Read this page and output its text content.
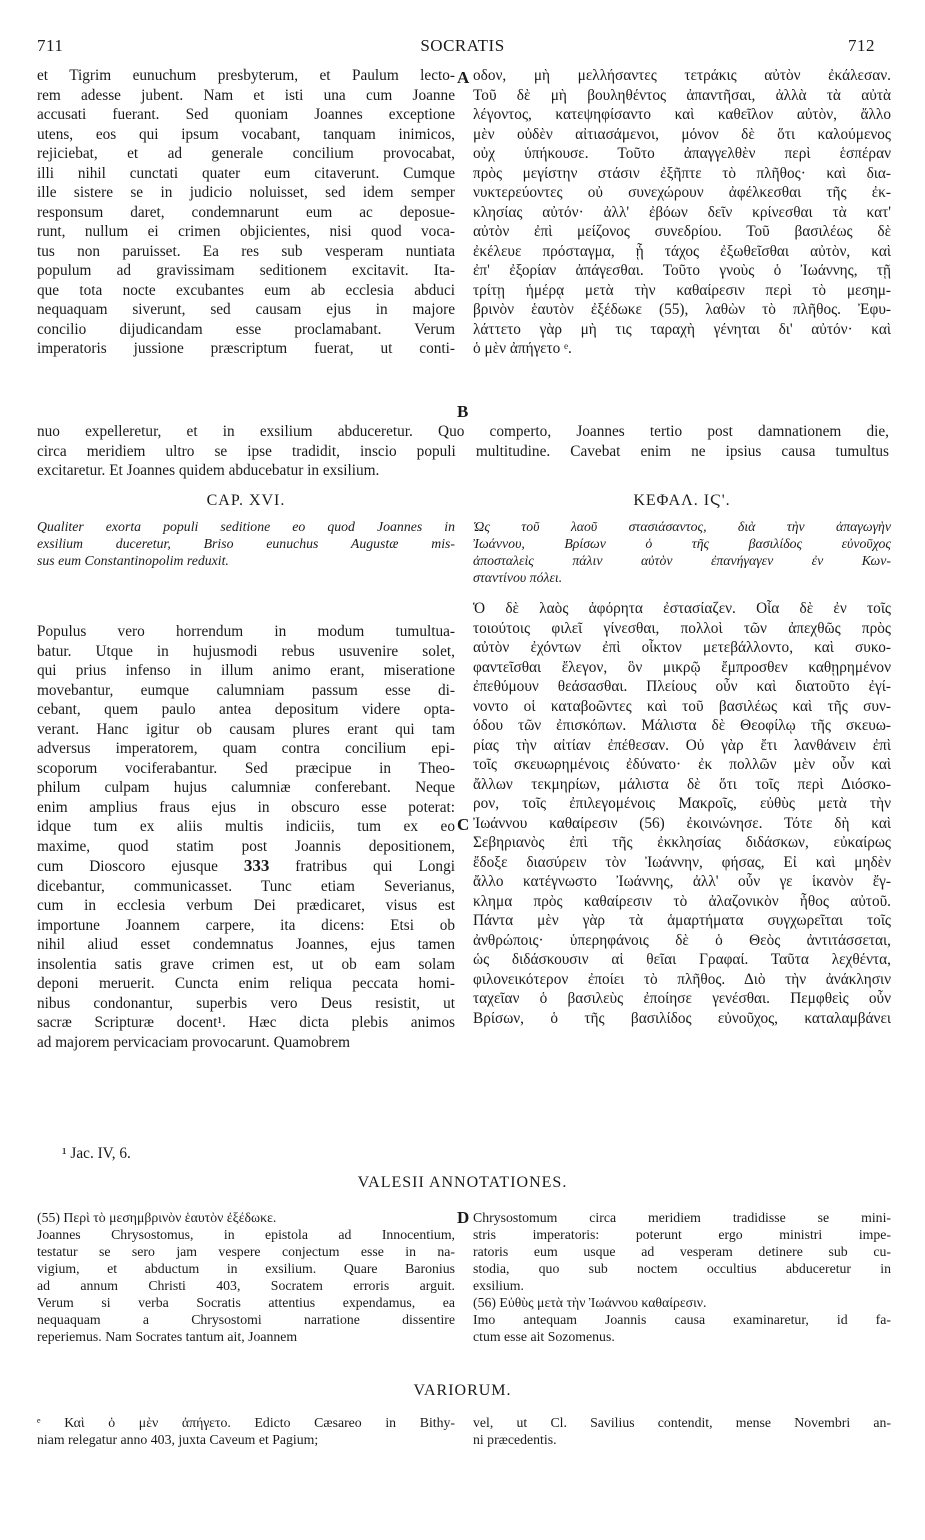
711	SOCRATIS	712
A
B
C
D
et Tigrim eunuchum presbyterum, et Paulum lecto-
rem adesse jubent. Nam et isti una cum Joanne
accusati fuerant. Sed quoniam Joannes exceptione
utens, eos qui ipsum vocabant, tanquam inimicos,
rejiciebat, et ad generale concilium provocabat,
illi nihil cunctati quater eum citaverunt. Cumque
ille sistere se in judicio noluisset, sed idem semper
responsum daret, condemnarunt eum ac deposue-
runt, nullum ei crimen objicientes, nisi quod voca-
tus non paruisset. Ea res sub vesperam nuntiata
populum ad gravissimam seditionem excitavit. Ita-
que tota nocte excubantes eum ab ecclesia abduci
nequaquam siverunt, sed causam ejus in majore
concilio dijudicandam esse proclamabant. Verum
imperatoris jussione præscriptum fuerat, ut conti-
οδον, μὴ μελλήσαντες τετράκις αὐτὸν ἐκάλεσαν.
Τοῦ δὲ μὴ βουληθέντος ἀπαντῆσαι, ἀλλὰ τὰ αὐτὰ
λέγοντος, κατεψηφίσαντο καὶ καθεῖλον αὐτὸν, ἄλλο
μὲν οὐδὲν αἰτιασάμενοι, μόνον δὲ ὅτι καλούμενος
οὐχ ὑπήκουσε. Τοῦτο ἀπαγγελθὲν περὶ ἑσπέραν
πρὸς μεγίστην στάσιν ἐξῆπτε τὸ πλῆθος· καὶ δια-
νυκτερεύοντες οὐ συνεχώρουν ἀφέλκεσθαι τῆς ἐκ-
κλησίας αὐτόν· ἀλλ' ἐβόων δεῖν κρίνεσθαι τὰ κατ'
αὐτὸν ἐπὶ μείζονος συνεδρίου. Τοῦ βασιλέως δὲ
ἐκέλευε πρόσταγμα, ᾗ τάχος ἐξωθεῖσθαι αὐτὸν, καὶ
ἐπ' ἐξορίαν ἀπάγεσθαι. Τοῦτο γνοὺς ὁ Ἰωάννης, τῇ
τρίτῃ ἡμέρᾳ μετὰ τὴν καθαίρεσιν περὶ τὸ μεσημ-
βρινὸν ἑαυτὸν ἐξέδωκε (55), λαθὼν τὸ πλῆθος. Ἐφυ-
λάττετο γὰρ μὴ τις ταραχὴ γένηται δι' αὐτόν· καὶ
ὁ μὲν ἀπήγετο ᵉ.
nuo expelleretur, et in exsilium abduceretur. Quo comperto, Joannes tertio post damnationem die,
circa meridiem ultro se ipse tradidit, inscio populi multitudine. Cavebat enim ne ipsius causa tumultus
excitaretur. Et Joannes quidem abducebatur in exsilium.
CAP. XVI.	ΚΕΦΑΛ. ΙϚ'.
Qualiter exorta populi seditione eo quod Joannes in
exsilium duceretur, Briso eunuchus Augustæ mis-
sus eum Constantinopolim reduxit.
Ὡς τοῦ λαοῦ στασιάσαντος, διὰ τὴν ἀπαγωγὴν
Ἰωάννου, Βρίσων ὁ τῆς βασιλίδος εὐνοῦχος
ἀποσταλεὶς πάλιν αὐτὸν ἐπανήγαγεν ἐν Κων-
σταντίνου πόλει.
Populus vero horrendum in modum tumultua-
batur. Utque in hujusmodi rebus usuvenire solet,
qui prius infenso in illum animo erant, miseratione
movebantur, eumque calumniam passum esse di-
cebant, quem paulo antea depositum videre opta-
verant. Hanc igitur ob causam plures erant qui tam
adversus imperatorem, quam contra concilium epi-
scoporum vociferabantur. Sed præcipue in Theo-
philum culpam hujus calumniæ conferebant. Neque
enim amplius fraus ejus in obscuro esse poterat:
idque tum ex aliis multis indiciis, tum ex eo
maxime, quod statim post Joannis depositionem,
cum Dioscoro ejusque 333 fratribus qui Longi
dicebantur, communicasset. Tunc etiam Severianus,
cum in ecclesia verbum Dei prædicaret, visus est
importune Joannem carpere, ita dicens: Etsi ob
nihil aliud esset condemnatus Joannes, ejus tamen
insolentia satis grave crimen est, ut ob eam solam
deponi meruerit. Cuncta enim reliqua peccata homi-
nibus condonantur, superbis vero Deus resistit, ut
sacræ Scripturæ docent¹. Hæc dicta plebis animos
ad majorem pervicaciam provocarunt. Quamobrem
Ὁ δὲ λαὸς ἀφόρητα ἐστασίαζεν. Οἷα δὲ ἐν τοῖς
τοιούτοις φιλεῖ γίνεσθαι, πολλοὶ τῶν ἀπεχθῶς πρὸς
αὐτὸν ἐχόντων ἐπὶ οἶκτον μετεβάλλοντο, καὶ συκο-
φαντεῖσθαι ἔλεγον, ὃν μικρῷ ἔμπροσθεν καθῃρημένον
ἐπεθύμουν θεάσασθαι. Πλείους οὖν καὶ διατοῦτο ἐγί-
νοντο οἱ καταβοῶντες καὶ τοῦ βασιλέως καὶ τῆς συν-
όδου τῶν ἐπισκόπων. Μάλιστα δὲ Θεοφίλῳ τῆς σκευω-
ρίας τὴν αἰτίαν ἐπέθεσαν. Οὐ γὰρ ἔτι λανθάνειν ἐπὶ
τοῖς σκευωρημένοις ἐδύνατο· ἐκ πολλῶν μὲν οὖν καὶ
ἄλλων τεκμηρίων, μάλιστα δὲ ὅτι τοῖς περὶ Διόσκο-
ρον, τοῖς ἐπιλεγομένοις Μακροῖς, εὐθὺς μετὰ τὴν
Ἰωάννου καθαίρεσιν (56) ἐκοινώνησε. Τότε δὴ καὶ
Σεβηριανὸς ἐπὶ τῆς ἐκκλησίας διδάσκων, εὐκαίρως
ἔδοξε διασύρειν τὸν Ἰωάννην, φήσας, Εἰ καὶ μηδὲν
ἄλλο κατέγνωστο Ἰωάννης, ἀλλ' οὖν γε ἱκανὸν ἔγ-
κλημα πρὸς καθαίρεσιν τὸ ἀλαζονικὸν ἦθος αὐτοῦ.
Πάντα μὲν γὰρ τὰ ἁμαρτήματα συγχωρεῖται τοῖς
ἀνθρώποις· ὑπερηφάνοις δὲ ὁ Θεὸς ἀντιτάσσεται,
ὡς διδάσκουσιν αἱ θεῖαι Γραφαί. Ταῦτα λεχθέντα,
φιλονεικότερον ἐποίει τὸ πλῆθος. Διὸ τὴν ἀνάκλησιν
ταχεῖαν ὁ βασιλεὺς ἐποίησε γενέσθαι. Πεμφθεὶς οὖν
Βρίσων, ὁ τῆς βασιλίδος εὐνοῦχος, καταλαμβάνει
¹ Jac. IV, 6.
VALESII ANNOTATIONES.
(55) Περὶ τὸ μεσημβρινὸν ἑαυτὸν ἐξέδωκε.
Joannes Chrysostomus, in epistola ad Innocentium,
testatur se sero jam vespere conjectum esse in na-
vigium, et abductum in exsilium. Quare Baronius
ad annum Christi 403, Socratem erroris arguit.
Verum si verba Socratis attentius expendamus, ea
nequaquam a Chrysostomi narratione dissentire
reperiemus. Nam Socrates tantum ait, Joannem
Chrysostomum circa meridiem tradidisse se mini-
stris imperatoris: poterunt ergo ministri impe-
ratoris eum usque ad vesperam detinere sub cu-
stodia, quo sub noctem occultius abduceretur in
exsilium.
(56) Εὐθὺς μετὰ τὴν Ἰωάννου καθαίρεσιν.
Imo antequam Joannis causa examinaretur, id fa-
ctum esse ait Sozomenus.
VARIORUM.
ᵉ Καὶ ὁ μὲν ἀπήγετο. Edicto Cæsareo in Bithy-
niam relegatur anno 403, juxta Caveum et Pagium;
vel, ut Cl. Savilius contendit, mense Novembri an-
ni præcedentis.
